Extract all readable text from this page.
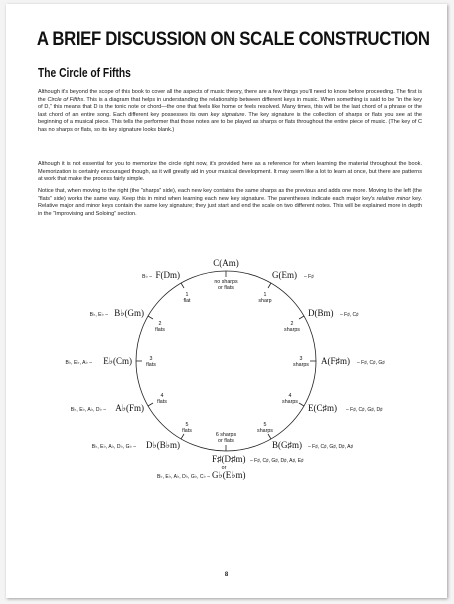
A BRIEF DISCUSSION ON SCALE CONSTRUCTION
The Circle of Fifths
Although it's beyond the scope of this book to cover all the aspects of music theory, there are a few things you'll need to know before proceeding. The first is the Circle of Fifths. This is a diagram that helps in understanding the relationship between different keys in music. When something is said to be “in the key of D,” this means that D is the tonic note or chord—the one that feels like home or feels resolved. Many times, this will be the last chord of a phrase or the last chord of an entire song. Each different key possesses its own key signature. The key signature is the collection of sharps or flats you see at the beginning of a musical piece. This tells the performer that those notes are to be played as sharps or flats throughout the entire piece of music. (The key of C has no sharps or flats, so its key signature looks blank.)
Although it is not essential for you to memorize the circle right now, it's provided here as a reference for when learning the material throughout the book. Memorization is certainly encouraged though, as it will greatly aid in your musical development. It may seem like a lot to learn at once, but there are patterns at work that make the process fairly simple.
Notice that, when moving to the right (the “sharps” side), each new key contains the same sharps as the previous and adds one more. Moving to the left (the “flats” side) works the same way. Keep this in mind when learning each new key signature. The parentheses indicate each major key's relative minor key. Relative major and minor keys contain the same key signature; they just start and end the scale on two different notes. This will be explained more in depth in the “Improvising and Soloing” section.
C(Am)
no sharps
or flats
G(Em) – F♯
1
sharp
D(Bm) – F♯, C♯
2
sharps
A(F♯m) – F♯, C♯, G♯
3
sharps
E(C♯m) – F♯, C♯, G♯, D♯
4
sharps
B(G♯m) – F♯, C♯, G♯, D♯, A♯
5
sharps
F(Dm)
B♭ –
1
flat
B♭(Gm)
B♭, E♭ –
2
flats
E♭(Cm)
B♭, E♭, A♭ –
3
flats
A♭(Fm)
B♭, E♭, A♭, D♭ –
4
flats
D♭(B♭m)
B♭, E♭, A♭, D♭, G♭ –
5
flats
6 sharps
or flats
F♯(D♯m) – F♯, C♯, G♯, D♯, A♯, E♯
or
G♭(E♭m)
B♭, E♭, A♭, D♭, G♭, C♭ –
8
